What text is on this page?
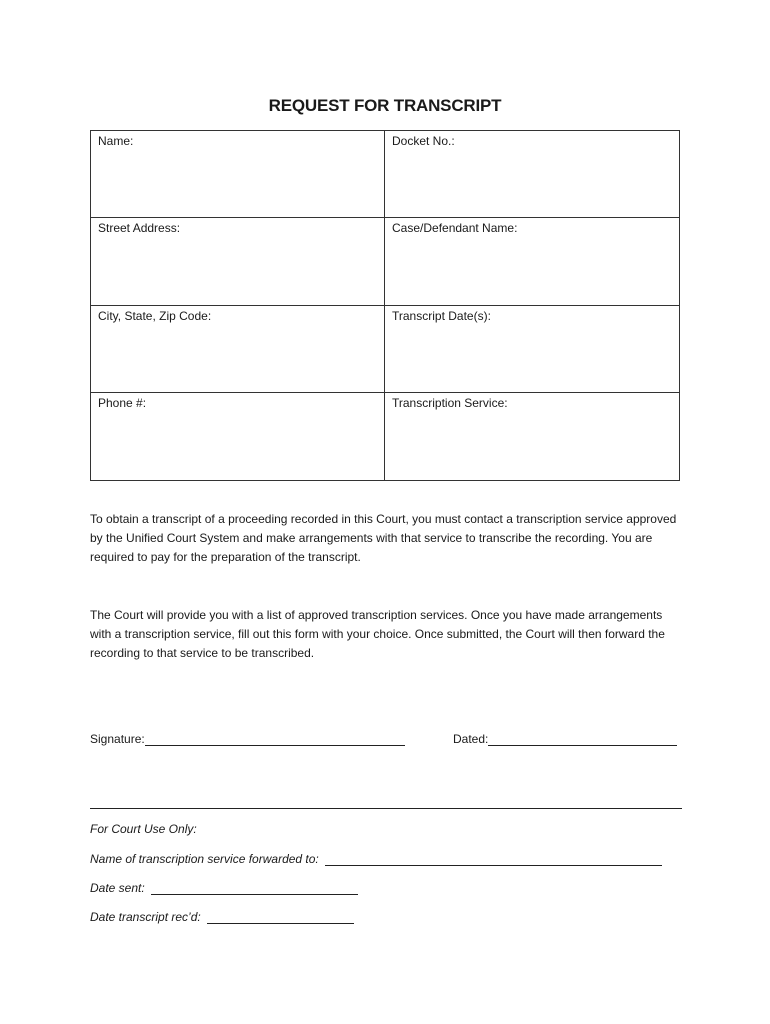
REQUEST FOR TRANSCRIPT
Name:	Docket No.:
Street Address:	Case/Defendant Name:
City, State, Zip Code:	Transcript Date(s):
Phone #:	Transcription Service:
To obtain a transcript of a proceeding recorded in this Court, you must contact a transcription service approved by the Unified Court System and make arrangements with that service to transcribe the recording. You are required to pay for the preparation of the transcript.
The Court will provide you with a list of approved transcription services. Once you have made arrangements with a transcription service, fill out this form with your choice. Once submitted, the Court will then forward the recording to that service to be transcribed.
Signature:	Dated:
For Court Use Only:
Name of transcription service forwarded to:
Date sent:
Date transcript rec’d:
